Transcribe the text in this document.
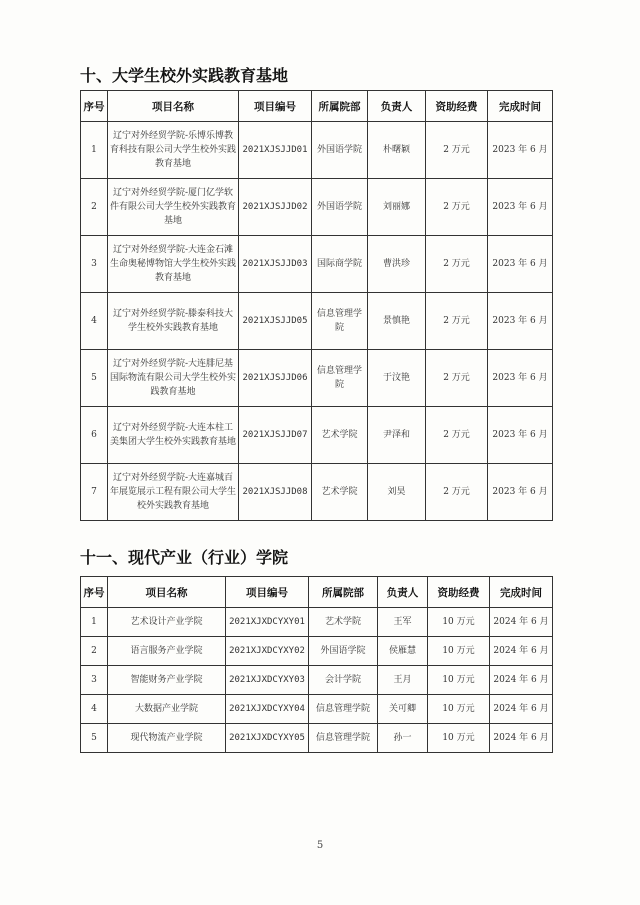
十、大学生校外实践教育基地
序号	项目名称	项目编号	所属院部	负责人	资助经费	完成时间
1	辽宁对外经贸学院-乐博乐博教育科技有限公司大学生校外实践教育基地	2021XJSJJD01	外国语学院	朴曙颖	2 万元	2023 年 6 月
2	辽宁对外经贸学院-厦门亿学软件有限公司大学生校外实践教育基地	2021XJSJJD02	外国语学院	刘丽娜	2 万元	2023 年 6 月
3	辽宁对外经贸学院-大连金石滩生命奥秘博物馆大学生校外实践教育基地	2021XJSJJD03	国际商学院	曹洪珍	2 万元	2023 年 6 月
4	辽宁对外经贸学院-滕泰科技大学生校外实践教育基地	2021XJSJJD05	信息管理学院	景慎艳	2 万元	2023 年 6 月
5	辽宁对外经贸学院-大连腓尼基国际物流有限公司大学生校外实践教育基地	2021XJSJJD06	信息管理学院	于汶艳	2 万元	2023 年 6 月
6	辽宁对外经贸学院-大连本柱工美集团大学生校外实践教育基地	2021XJSJJD07	艺术学院	尹泽和	2 万元	2023 年 6 月
7	辽宁对外经贸学院-大连嘉城百年展览展示工程有限公司大学生校外实践教育基地	2021XJSJJD08	艺术学院	刘昊	2 万元	2023 年 6 月
十一、现代产业（行业）学院
序号	项目名称	项目编号	所属院部	负责人	资助经费	完成时间
1	艺术设计产业学院	2021XJXDCYXY01	艺术学院	王军	10 万元	2024 年 6 月
2	语言服务产业学院	2021XJXDCYXY02	外国语学院	侯雁慧	10 万元	2024 年 6 月
3	智能财务产业学院	2021XJXDCYXY03	会计学院	王月	10 万元	2024 年 6 月
4	大数据产业学院	2021XJXDCYXY04	信息管理学院	关可卿	10 万元	2024 年 6 月
5	现代物流产业学院	2021XJXDCYXY05	信息管理学院	孙一	10 万元	2024 年 6 月
5
